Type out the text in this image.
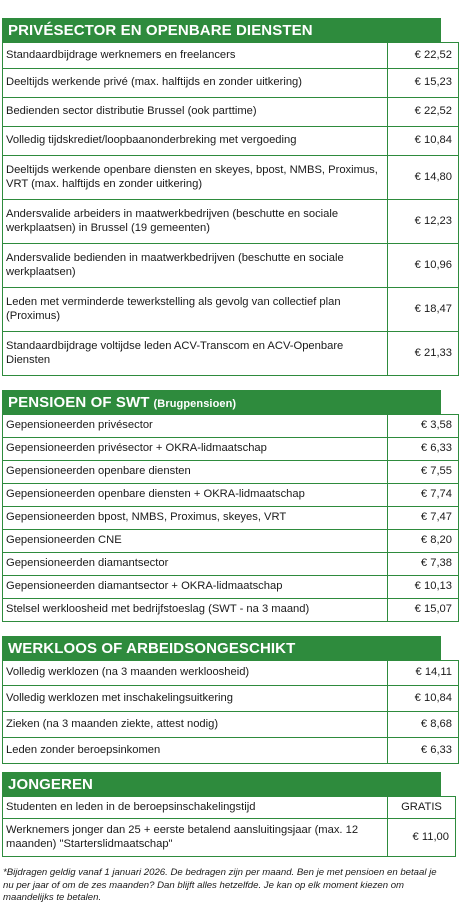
PRIVÉSECTOR EN OPENBARE DIENSTEN
Standaardbijdrage werknemers en freelancers	€ 22,52
Deeltijds werkende privé (max. halftijds en zonder uitkering)	€ 15,23
Bedienden sector distributie Brussel (ook parttime)	€ 22,52
Volledig tijdskrediet/loopbaanonderbreking met vergoeding	€ 10,84
Deeltijds werkende openbare diensten en skeyes, bpost, NMBS, Proximus, VRT (max. halftijds en zonder uitkering)	€ 14,80
Andersvalide arbeiders in maatwerkbedrijven (beschutte en sociale werkplaatsen) in Brussel (19 gemeenten)	€ 12,23
Andersvalide bedienden in maatwerkbedrijven (beschutte en sociale werkplaatsen)	€ 10,96
Leden met verminderde tewerkstelling als gevolg van collectief plan (Proximus)	€ 18,47
Standaardbijdrage voltijdse leden ACV-Transcom en ACV-Openbare Diensten	€ 21,33
PENSIOEN OF SWT (Brugpensioen)
Gepensioneerden privésector	€ 3,58
Gepensioneerden privésector + OKRA-lidmaatschap	€ 6,33
Gepensioneerden openbare diensten	€ 7,55
Gepensioneerden openbare diensten + OKRA-lidmaatschap	€ 7,74
Gepensioneerden bpost, NMBS, Proximus, skeyes, VRT	€ 7,47
Gepensioneerden CNE	€ 8,20
Gepensioneerden diamantsector	€ 7,38
Gepensioneerden diamantsector + OKRA-lidmaatschap	€ 10,13
Stelsel werkloosheid met bedrijfstoeslag (SWT - na 3 maand)	€ 15,07
WERKLOOS OF ARBEIDSONGESCHIKT
Volledig werklozen (na 3 maanden werkloosheid)	€ 14,11
Volledig werklozen met inschakelingsuitkering	€ 10,84
Zieken (na 3 maanden ziekte, attest nodig)	€ 8,68
Leden zonder beroepsinkomen	€ 6,33
JONGEREN
Studenten en leden in de beroepsinschakelingstijd	GRATIS
Werknemers jonger dan 25 + eerste betalend aansluitingsjaar (max. 12 maanden) "Starterslidmaatschap"	€ 11,00
*Bijdragen geldig vanaf 1 januari 2026. De bedragen zijn per maand. Ben je met pensioen en betaal je nu per jaar of om de zes maanden? Dan blijft alles hetzelfde. Je kan op elk moment kiezen om maandelijks te betalen.
